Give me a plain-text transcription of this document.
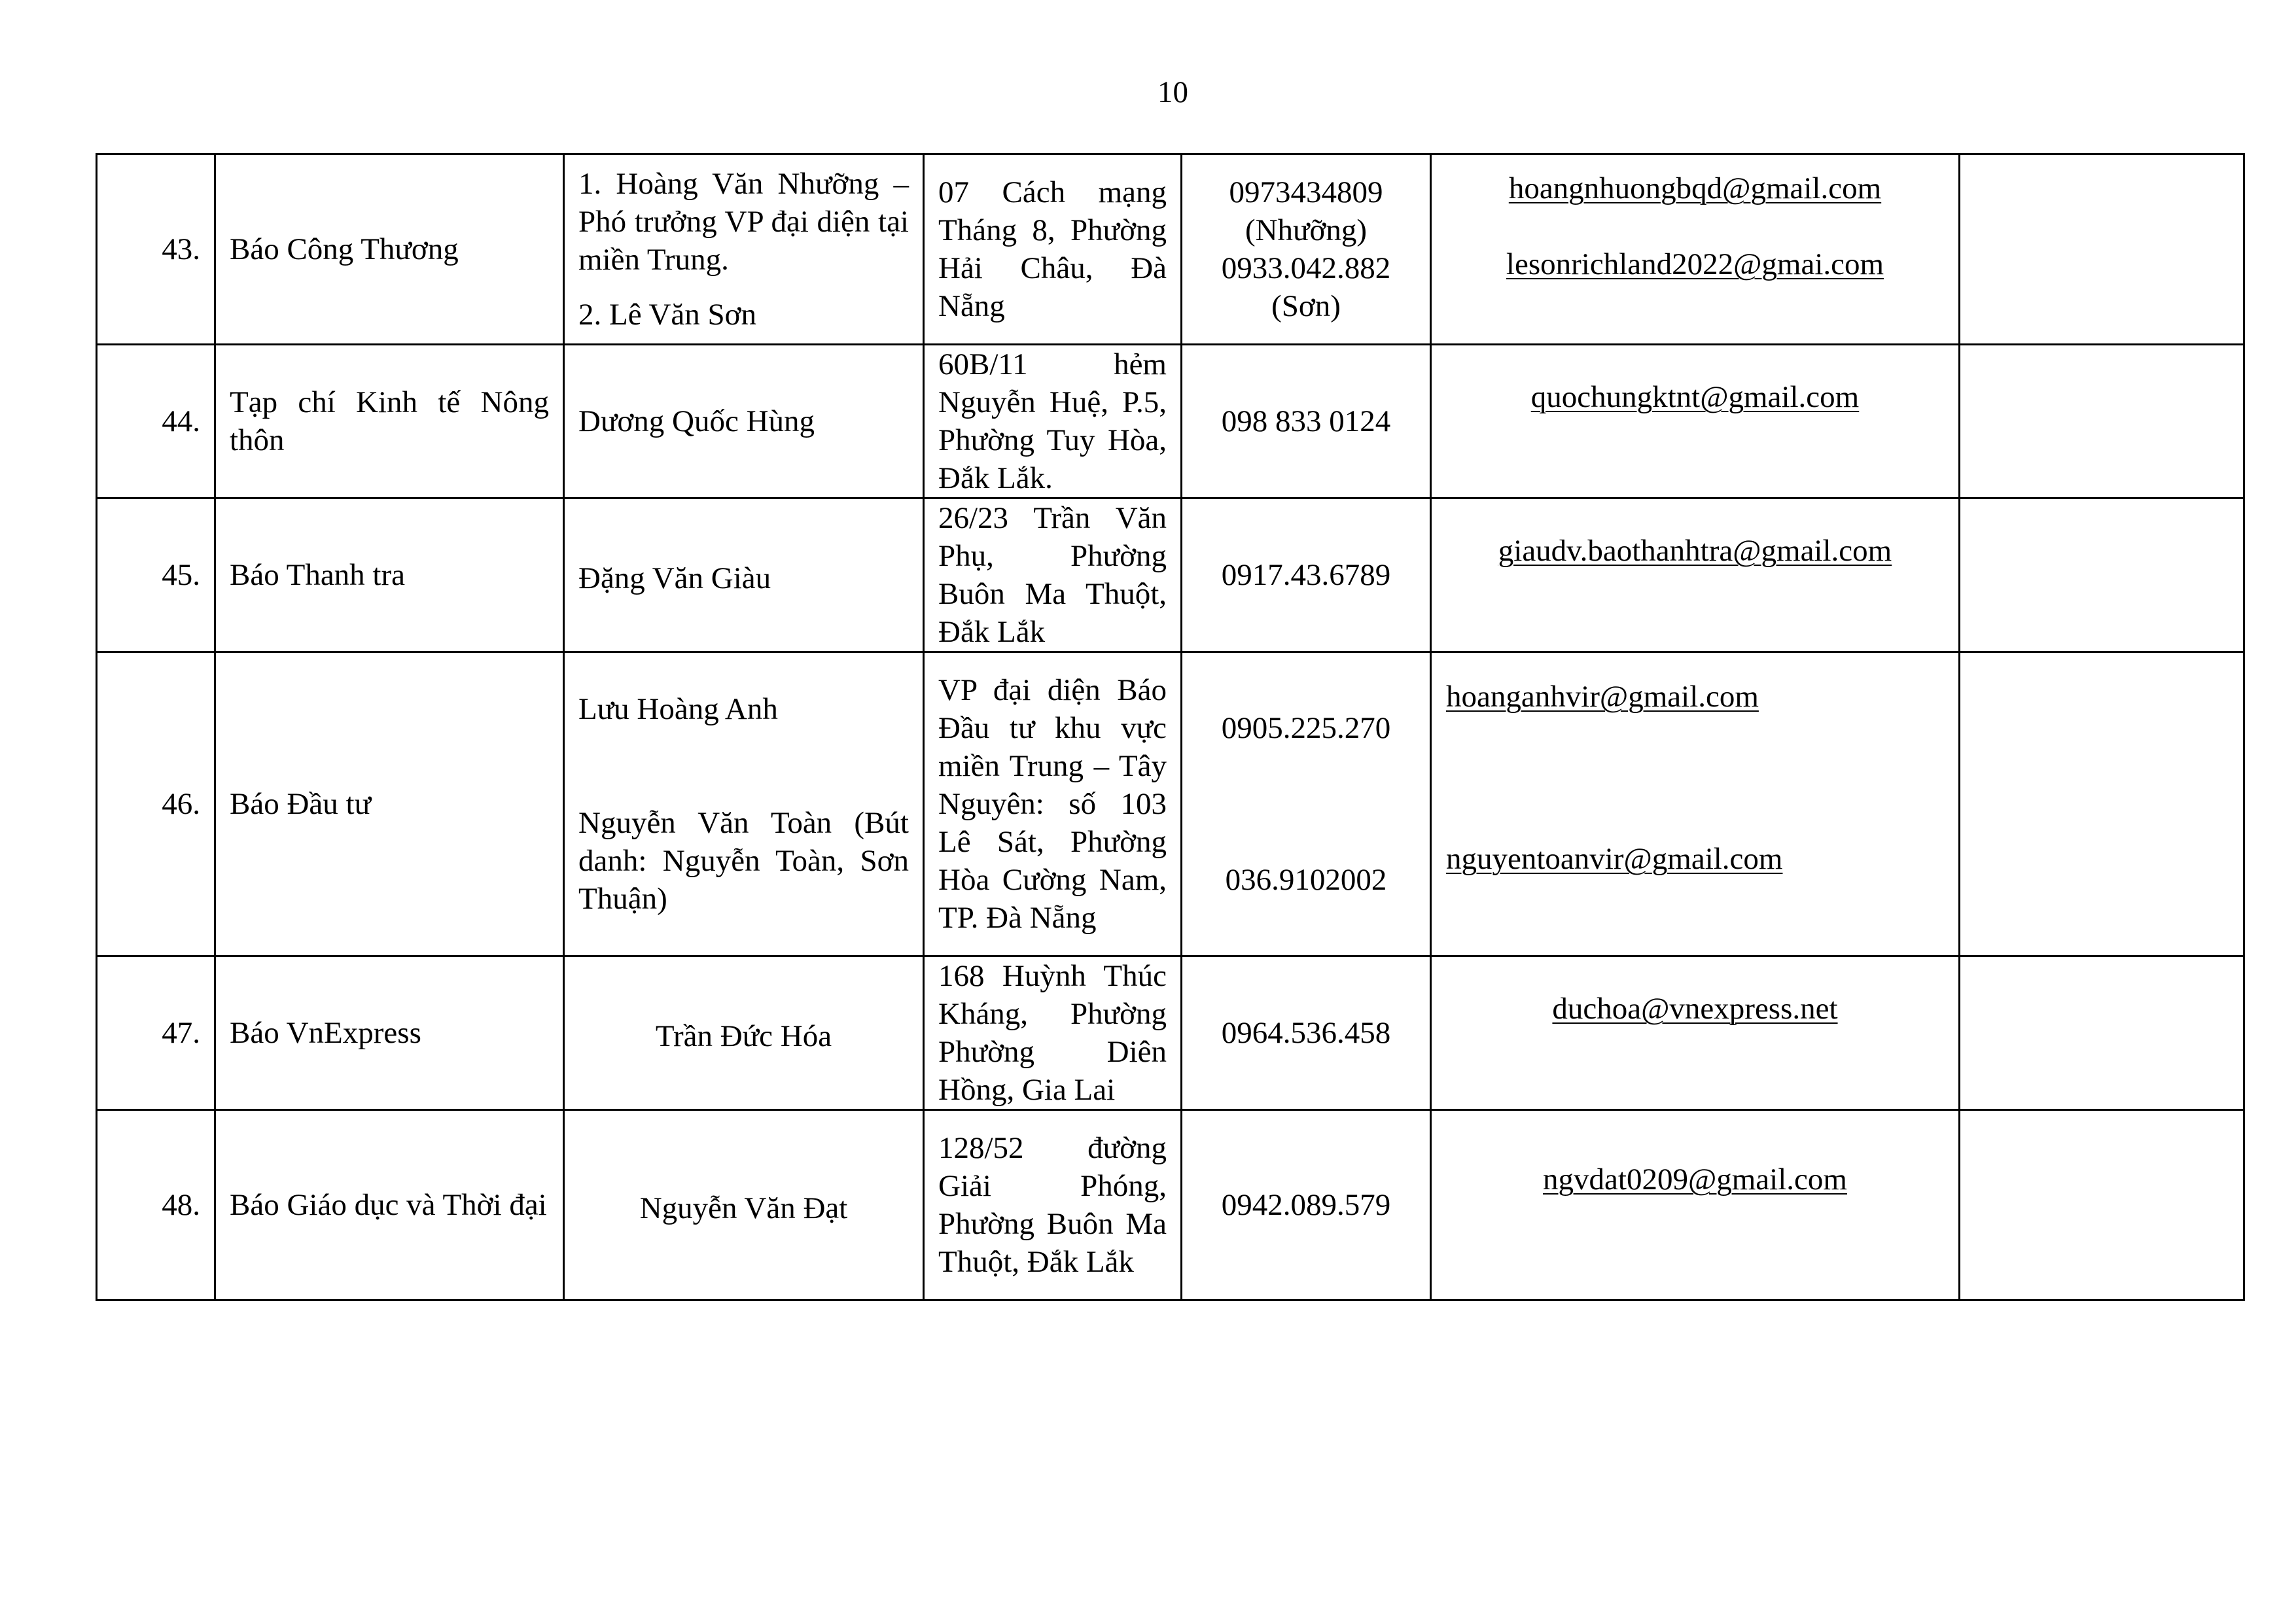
10
43.	Báo Công Thương	1. Hoàng Văn Nhưỡng – Phó trưởng VP đại diện tại miền Trung.
2. Lê Văn Sơn	07 Cách mạng Tháng 8, Phường Hải Châu, Đà Nẵng	0973434809
(Nhưỡng)
0933.042.882
(Sơn)	hoangnhuongbqd@gmail.com
lesonrichland2022@gmai.com	

44.	Tạp chí Kinh tế Nông thôn	Dương Quốc Hùng	60B/11 hẻm Nguyễn Huệ, P.5, Phường Tuy Hòa, Đắk Lắk.	098 833 0124	quochungktnt@gmail.com	

45.	Báo Thanh tra	Đặng Văn Giàu	26/23 Trần Văn Phụ, Phường Buôn Ma Thuột, Đắk Lắk	0917.43.6789	giaudv.baothanhtra@gmail.com	

46.	Báo Đầu tư	Lưu Hoàng Anh
Nguyễn Văn Toàn (Bút danh: Nguyễn Toàn, Sơn Thuận)	VP đại diện Báo Đầu tư khu vực miền Trung – Tây Nguyên: số 103 Lê Sát, Phường Hòa Cường Nam, TP. Đà Nẵng	0905.225.270
036.9102002	hoanganhvir@gmail.com
nguyentoanvir@gmail.com	

47.	Báo VnExpress	Trần Đức Hóa	168 Huỳnh Thúc Kháng, Phường Phường Diên Hồng, Gia Lai	0964.536.458	duchoa@vnexpress.net	

48.	Báo Giáo dục và Thời đại	Nguyễn Văn Đạt	128/52 đường Giải Phóng, Phường Buôn Ma Thuột, Đắk Lắk	0942.089.579	ngvdat0209@gmail.com	
